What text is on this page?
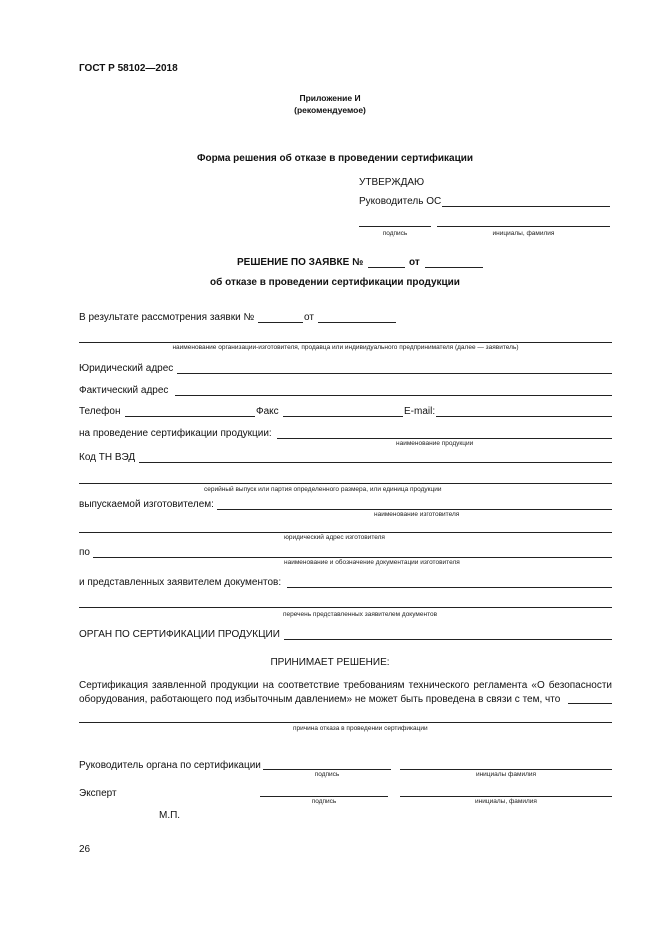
ГОСТ Р 58102—2018
Приложение И
(рекомендуемое)
Форма решения об отказе в проведении сертификации
УТВЕРЖДАЮ
Руководитель ОС
подпись	инициалы, фамилия
РЕШЕНИЕ ПО ЗАЯВКЕ №	от
об отказе в проведении сертификации продукции
В результате рассмотрения заявки №	от
наименование организации-изготовителя, продавца или индивидуального предпринимателя (далее — заявитель)
Юридический адрес
Фактический адрес
Телефон	Факс	E-mail:
на проведение сертификации продукции:
наименование продукции
Код ТН ВЭД
серийный выпуск или партия определенного размера, или единица продукции
выпускаемой изготовителем:
наименование изготовителя
юридический адрес изготовителя
по
наименование и обозначение документации изготовителя
и представленных заявителем документов:
перечень представленных заявителем документов
ОРГАН ПО СЕРТИФИКАЦИИ ПРОДУКЦИИ
ПРИНИМАЕТ РЕШЕНИЕ:
Сертификация заявленной продукции на соответствие требованиям технического регламента «О безопасности оборудования, работающего под избыточным давлением» не может быть проведена в связи с тем, что
причина отказа в проведении сертификации
Руководитель органа по сертификации
подпись	инициалы фамилия
Эксперт
подпись	инициалы, фамилия
М.П.
26
